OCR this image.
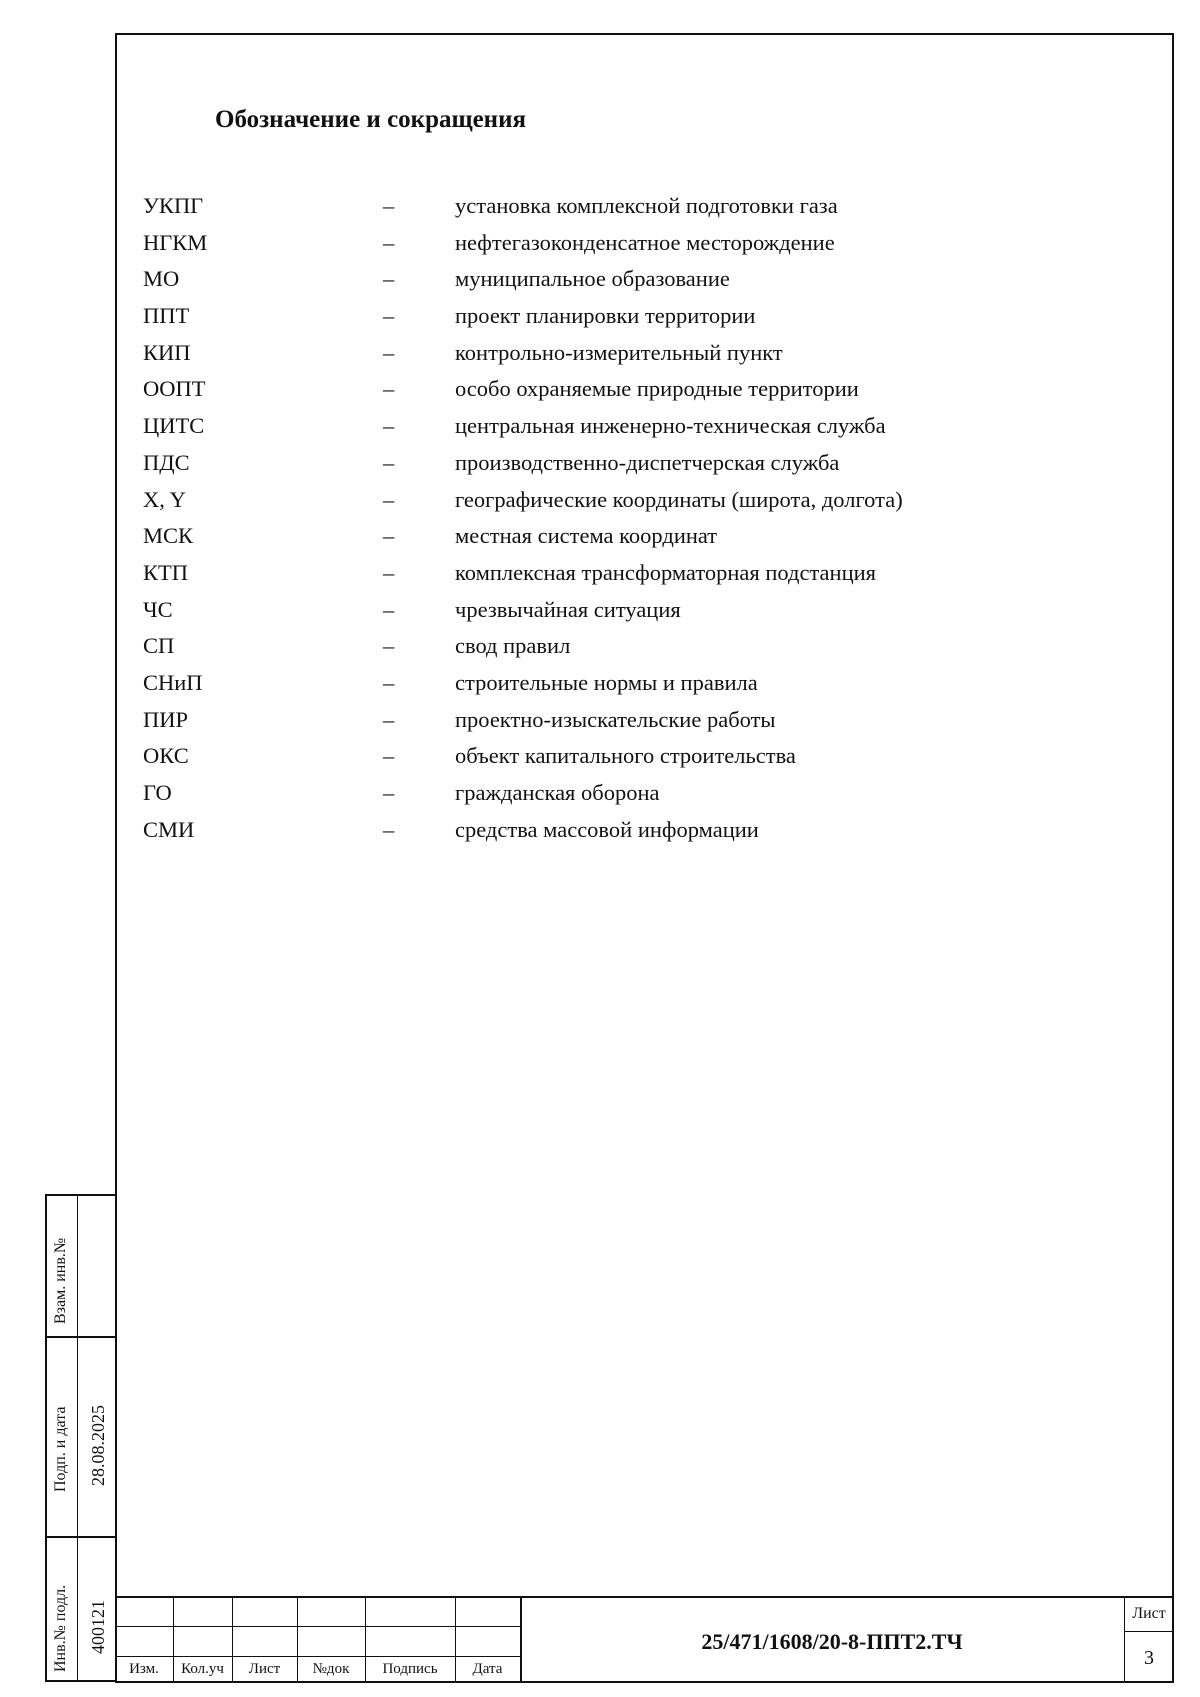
Обозначение и сокращения
УКПГ	–	установка комплексной подготовки газа
НГКМ	–	нефтегазоконденсатное месторождение
МО	–	муниципальное образование
ППТ	–	проект планировки территории
КИП	–	контрольно-измерительный пункт
ООПТ	–	особо охраняемые природные территории
ЦИТС	–	центральная инженерно-техническая служба
ПДС	–	производственно-диспетчерская служба
X, Y	–	географические координаты (широта, долгота)
МСК	–	местная система координат
КТП	–	комплексная трансформаторная подстанция
ЧС	–	чрезвычайная ситуация
СП	–	свод правил
СНиП	–	строительные нормы и правила
ПИР	–	проектно-изыскательские работы
ОКС	–	объект капитального строительства
ГО	–	гражданская оборона
СМИ	–	средства массовой информации
Взам. инв.№
Подп. и дата 28.08.2025
Инв.№ подл. 400121
Изм.	Кол.уч	Лист	№док	Подпись	Дата
25/471/1608/20-8-ППТ2.ТЧ
Лист
3
